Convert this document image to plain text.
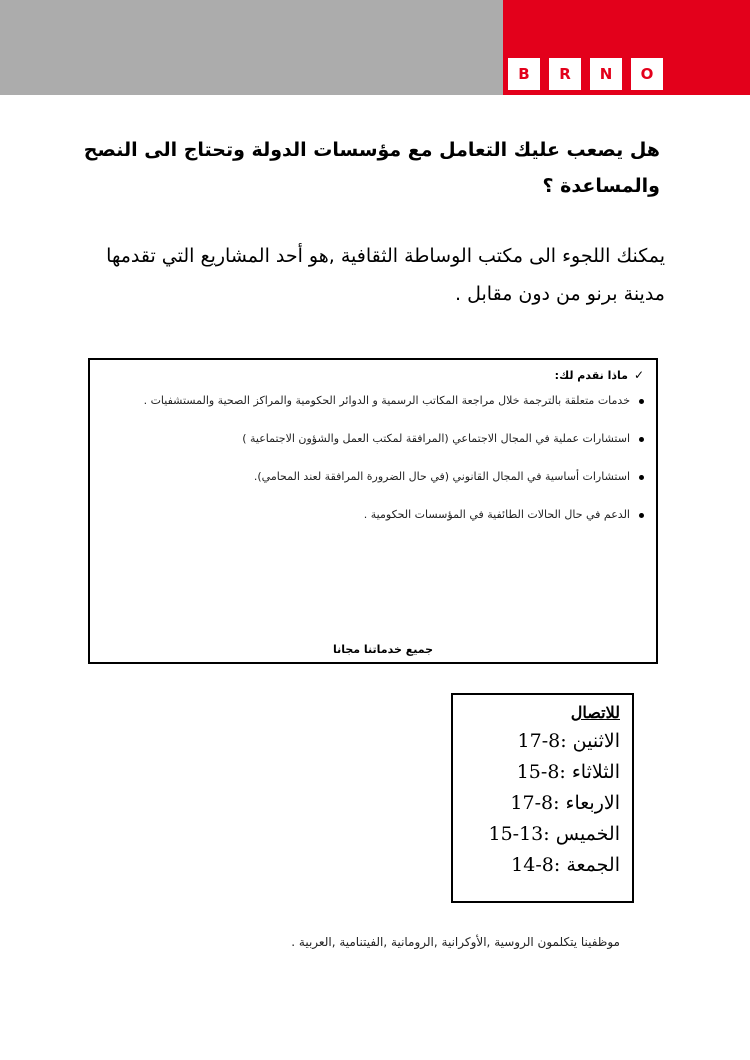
B	R	N	O

هل يصعب عليك التعامل مع مؤسسات الدولة وتحتاج الى النصح والمساعدة ؟

يمكنك اللجوء الى مكتب الوساطة الثقافية ,هو أحد المشاريع التي تقدمها مدينة برنو من دون مقابل .

✓
ماذا نقدم لك:
خدمات متعلقة بالترجمة خلال مراجعة المكاتب الرسمية و الدوائر الحكومية والمراكز الصحية والمستشفيات .
استشارات عملية في المجال الاجتماعي (المرافقة لمكتب العمل والشؤون الاجتماعية )
استشارات أساسية في المجال القانوني (في حال الضرورة المرافقة لعند المحامي).
الدعم في حال الحالات الطائفية في المؤسسات الحكومية .
جميع خدماتنا مجانا
للاتصال
الاثنين :8-17
الثلاثاء :8-15
الاربعاء :8-17
الخميس :13-15
الجمعة :8-14
موظفينا يتكلمون الروسية ,الأوكرانية ,الرومانية ,الفيتنامية ,العربية .
